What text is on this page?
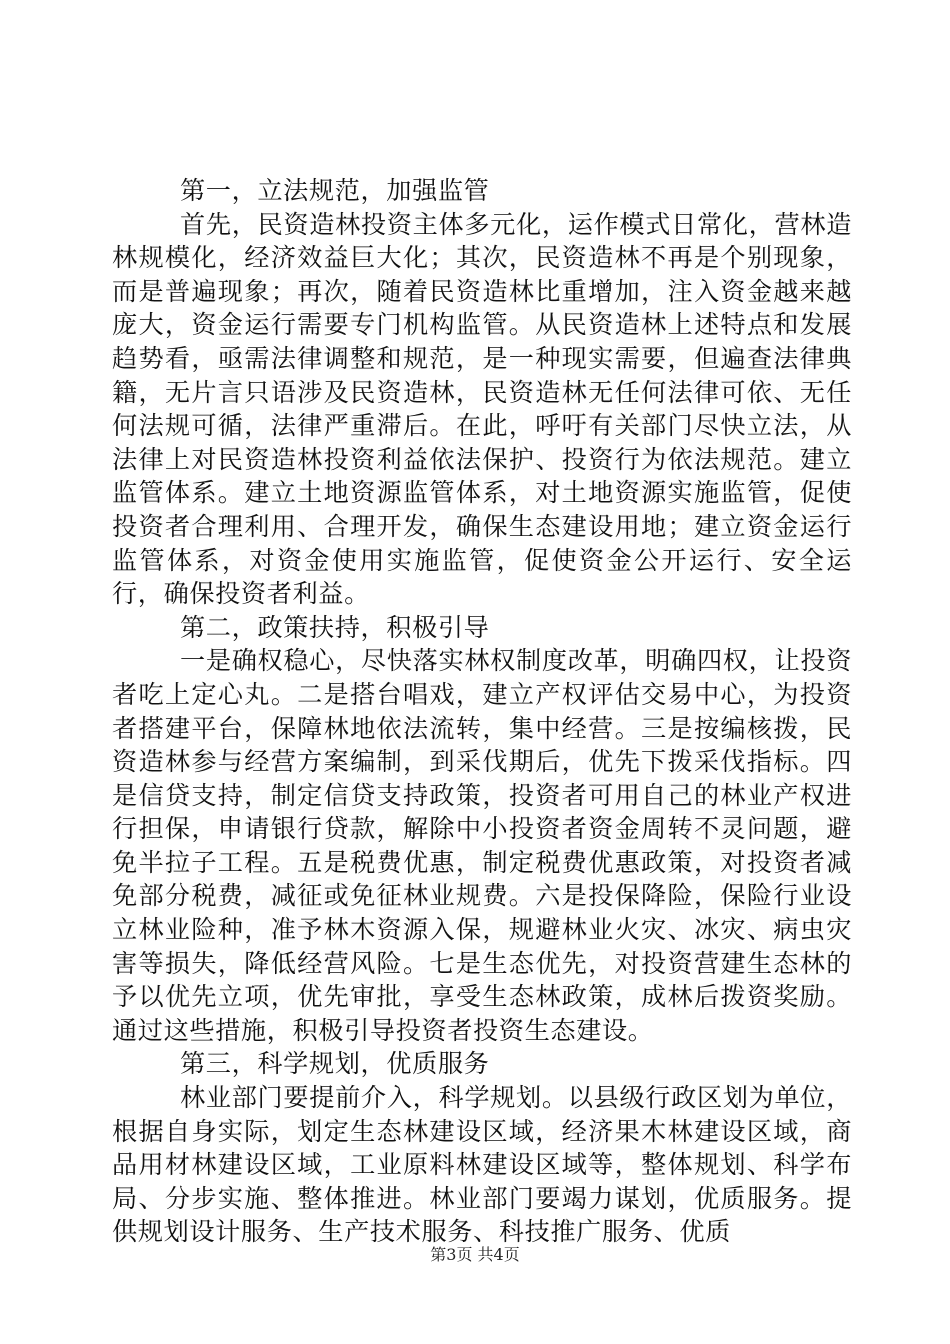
第一，立法规范，加强监管

首先，民资造林投资主体多元化，运作模式日常化，营林造林规模化，经济效益巨大化；其次，民资造林不再是个别现象，而是普遍现象；再次，随着民资造林比重增加，注入资金越来越庞大，资金运行需要专门机构监管。从民资造林上述特点和发展趋势看，亟需法律调整和规范，是一种现实需要，但遍查法律典籍，无片言只语涉及民资造林，民资造林无任何法律可依、无任何法规可循，法律严重滞后。在此，呼吁有关部门尽快立法，从法律上对民资造林投资利益依法保护、投资行为依法规范。建立监管体系。建立土地资源监管体系，对土地资源实施监管，促使投资者合理利用、合理开发，确保生态建设用地；建立资金运行监管体系，对资金使用实施监管，促使资金公开运行、安全运行，确保投资者利益。

第二，政策扶持，积极引导

一是确权稳心，尽快落实林权制度改革，明确四权，让投资者吃上定心丸。二是搭台唱戏，建立产权评估交易中心，为投资者搭建平台，保障林地依法流转，集中经营。三是按编核拨，民资造林参与经营方案编制，到采伐期后，优先下拨采伐指标。四是信贷支持，制定信贷支持政策，投资者可用自己的林业产权进行担保，申请银行贷款，解除中小投资者资金周转不灵问题，避免半拉子工程。五是税费优惠，制定税费优惠政策，对投资者减免部分税费，减征或免征林业规费。六是投保降险，保险行业设立林业险种，准予林木资源入保，规避林业火灾、冰灾、病虫灾害等损失，降低经营风险。七是生态优先，对投资营建生态林的予以优先立项，优先审批，享受生态林政策，成林后拨资奖励。通过这些措施，积极引导投资者投资生态建设。

第三，科学规划，优质服务

林业部门要提前介入，科学规划。以县级行政区划为单位，根据自身实际，划定生态林建设区域，经济果木林建设区域，商品用材林建设区域，工业原料林建设区域等，整体规划、科学布局、分步实施、整体推进。林业部门要竭力谋划，优质服务。提供规划设计服务、生产技术服务、科技推广服务、优质

第3页 共4页
